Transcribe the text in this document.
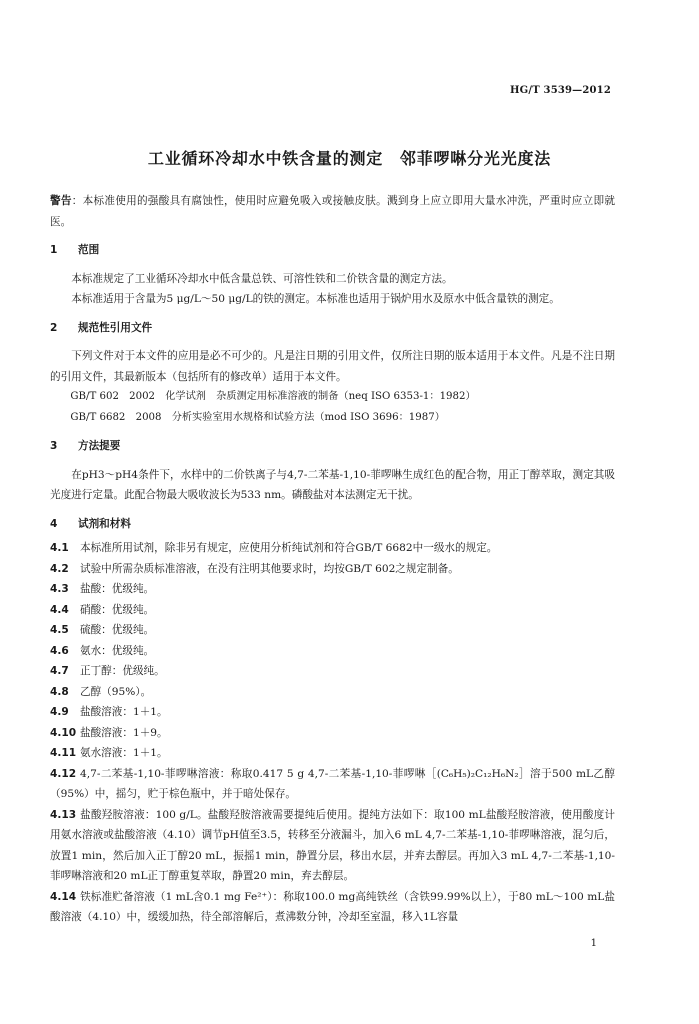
HG/T 3539—2012
工业循环冷却水中铁含量的测定　邻菲啰啉分光光度法

警告：本标准使用的强酸具有腐蚀性，使用时应避免吸入或接触皮肤。溅到身上应立即用大量水冲洗，严重时应立即就医。

1 范围

本标准规定了工业循环冷却水中低含量总铁、可溶性铁和二价铁含量的测定方法。

本标准适用于含量为5 μg/L～50 μg/L的铁的测定。本标准也适用于锅炉用水及原水中低含量铁的测定。

2 规范性引用文件

下列文件对于本文件的应用是必不可少的。凡是注日期的引用文件，仅所注日期的版本适用于本文件。凡是不注日期的引用文件，其最新版本（包括所有的修改单）适用于本文件。

GB/T 602　2002　化学试剂　杂质测定用标准溶液的制备（neq ISO 6353-1：1982）

GB/T 6682　2008　分析实验室用水规格和试验方法（mod ISO 3696：1987）

3 方法提要

在pH3～pH4条件下，水样中的二价铁离子与4,7-二苯基-1,10-菲啰啉生成红色的配合物，用正丁醇萃取，测定其吸光度进行定量。此配合物最大吸收波长为533 nm。磷酸盐对本法测定无干扰。

4 试剂和材料

4.1 本标准所用试剂，除非另有规定，应使用分析纯试剂和符合GB/T 6682中一级水的规定。

4.2 试验中所需杂质标准溶液，在没有注明其他要求时，均按GB/T 602之规定制备。

4.3 盐酸：优级纯。

4.4 硝酸：优级纯。

4.5 硫酸：优级纯。

4.6 氨水：优级纯。

4.7 正丁醇：优级纯。

4.8 乙醇（95%）。

4.9 盐酸溶液：1＋1。

4.10 盐酸溶液：1＋9。

4.11 氨水溶液：1＋1。

4.12 4,7-二苯基-1,10-菲啰啉溶液：称取0.417 5 g 4,7-二苯基-1,10-菲啰啉［(C₆H₅)₂C₁₂H₆N₂］溶于500 mL乙醇（95%）中，摇匀，贮于棕色瓶中，并于暗处保存。

4.13 盐酸羟胺溶液：100 g/L。盐酸羟胺溶液需要提纯后使用。提纯方法如下：取100 mL盐酸羟胺溶液，使用酸度计用氨水溶液或盐酸溶液（4.10）调节pH值至3.5，转移至分液漏斗，加入6 mL 4,7-二苯基-1,10-菲啰啉溶液，混匀后，放置1 min，然后加入正丁醇20 mL，振摇1 min，静置分层，移出水层，并弃去醇层。再加入3 mL 4,7-二苯基-1,10-菲啰啉溶液和20 mL正丁醇重复萃取，静置20 min，弃去醇层。

4.14 铁标准贮备溶液（1 mL含0.1 mg Fe²⁺）：称取100.0 mg高纯铁丝（含铁99.99%以上），于80 mL～100 mL盐酸溶液（4.10）中，缓缓加热，待全部溶解后，煮沸数分钟，冷却至室温，移入1L容量

1
